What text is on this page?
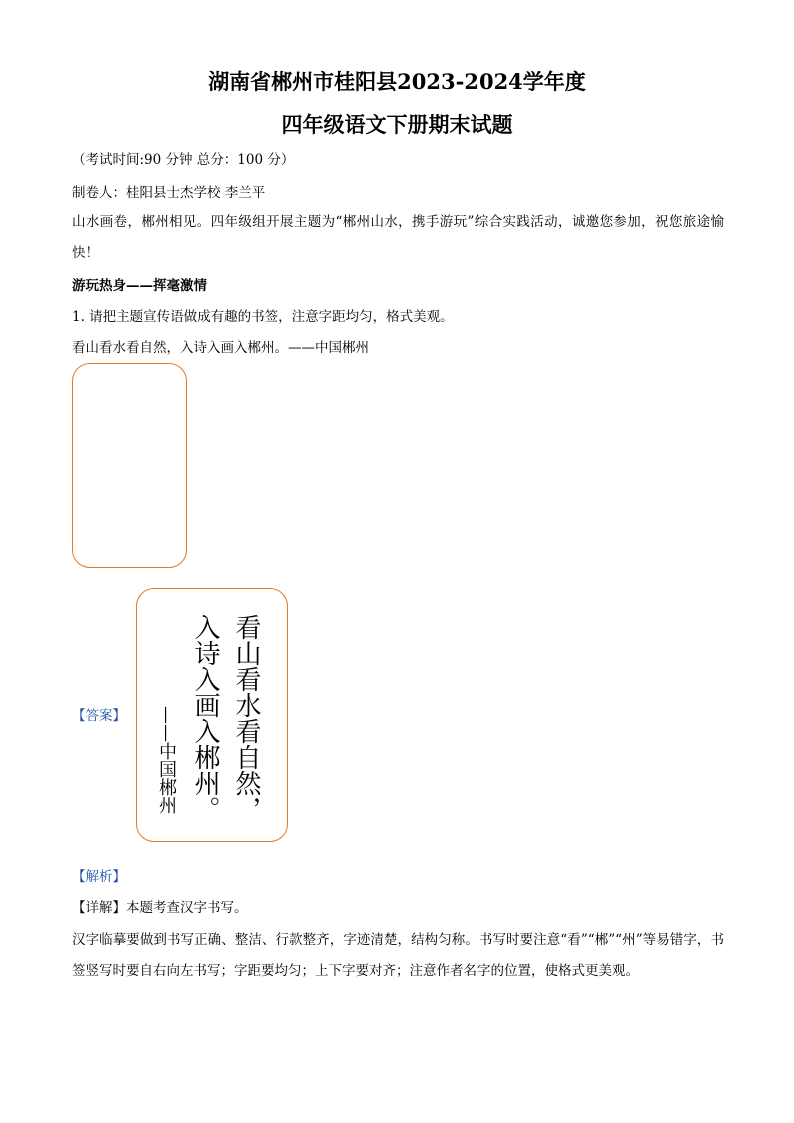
湖南省郴州市桂阳县2023-2024学年度
四年级语文下册期末试题

（考试时间:90 分钟 总分：100 分）

制卷人：桂阳县士杰学校 李兰平

山水画卷，郴州相见。四年级组开展主题为“郴州山水，携手游玩”综合实践活动，诚邀您参加，祝您旅途愉快！

游玩热身——挥毫激情

1. 请把主题宣传语做成有趣的书签，注意字距均匀，格式美观。

看山看水看自然，入诗入画入郴州。——中国郴州

【答案】	看山看水看自然，
入诗入画入郴州。
——中国郴州

【解析】

【详解】本题考查汉字书写。

汉字临摹要做到书写正确、整洁、行款整齐，字迹清楚，结构匀称。书写时要注意“看”“郴”“州”等易错字，书签竖写时要自右向左书写；字距要均匀；上下字要对齐；注意作者名字的位置，使格式更美观。
